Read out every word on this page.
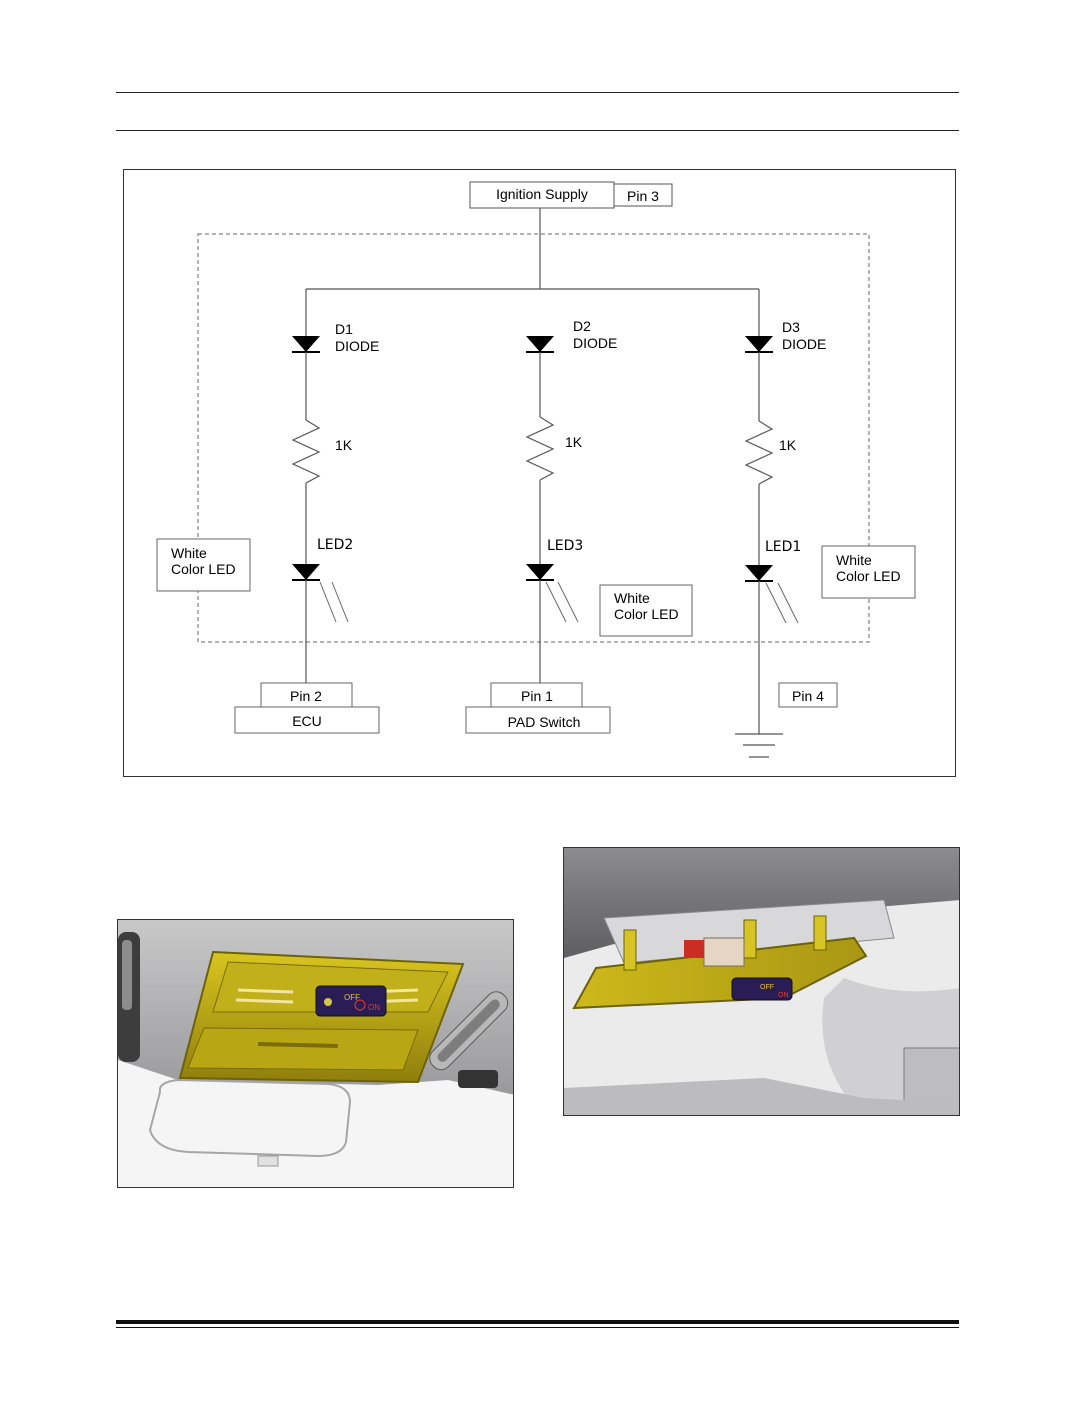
Ignition Supply	Pin 3
D1
DIODE
1K
LED2
D2
DIODE
1K
LED3
D3
DIODE
1K
LED1
White
Color LED
White
Color LED
White
Color LED
Pin 2
ECU
Pin 1
PAD Switch
Pin 4
OFF
ON
OFF
ON
